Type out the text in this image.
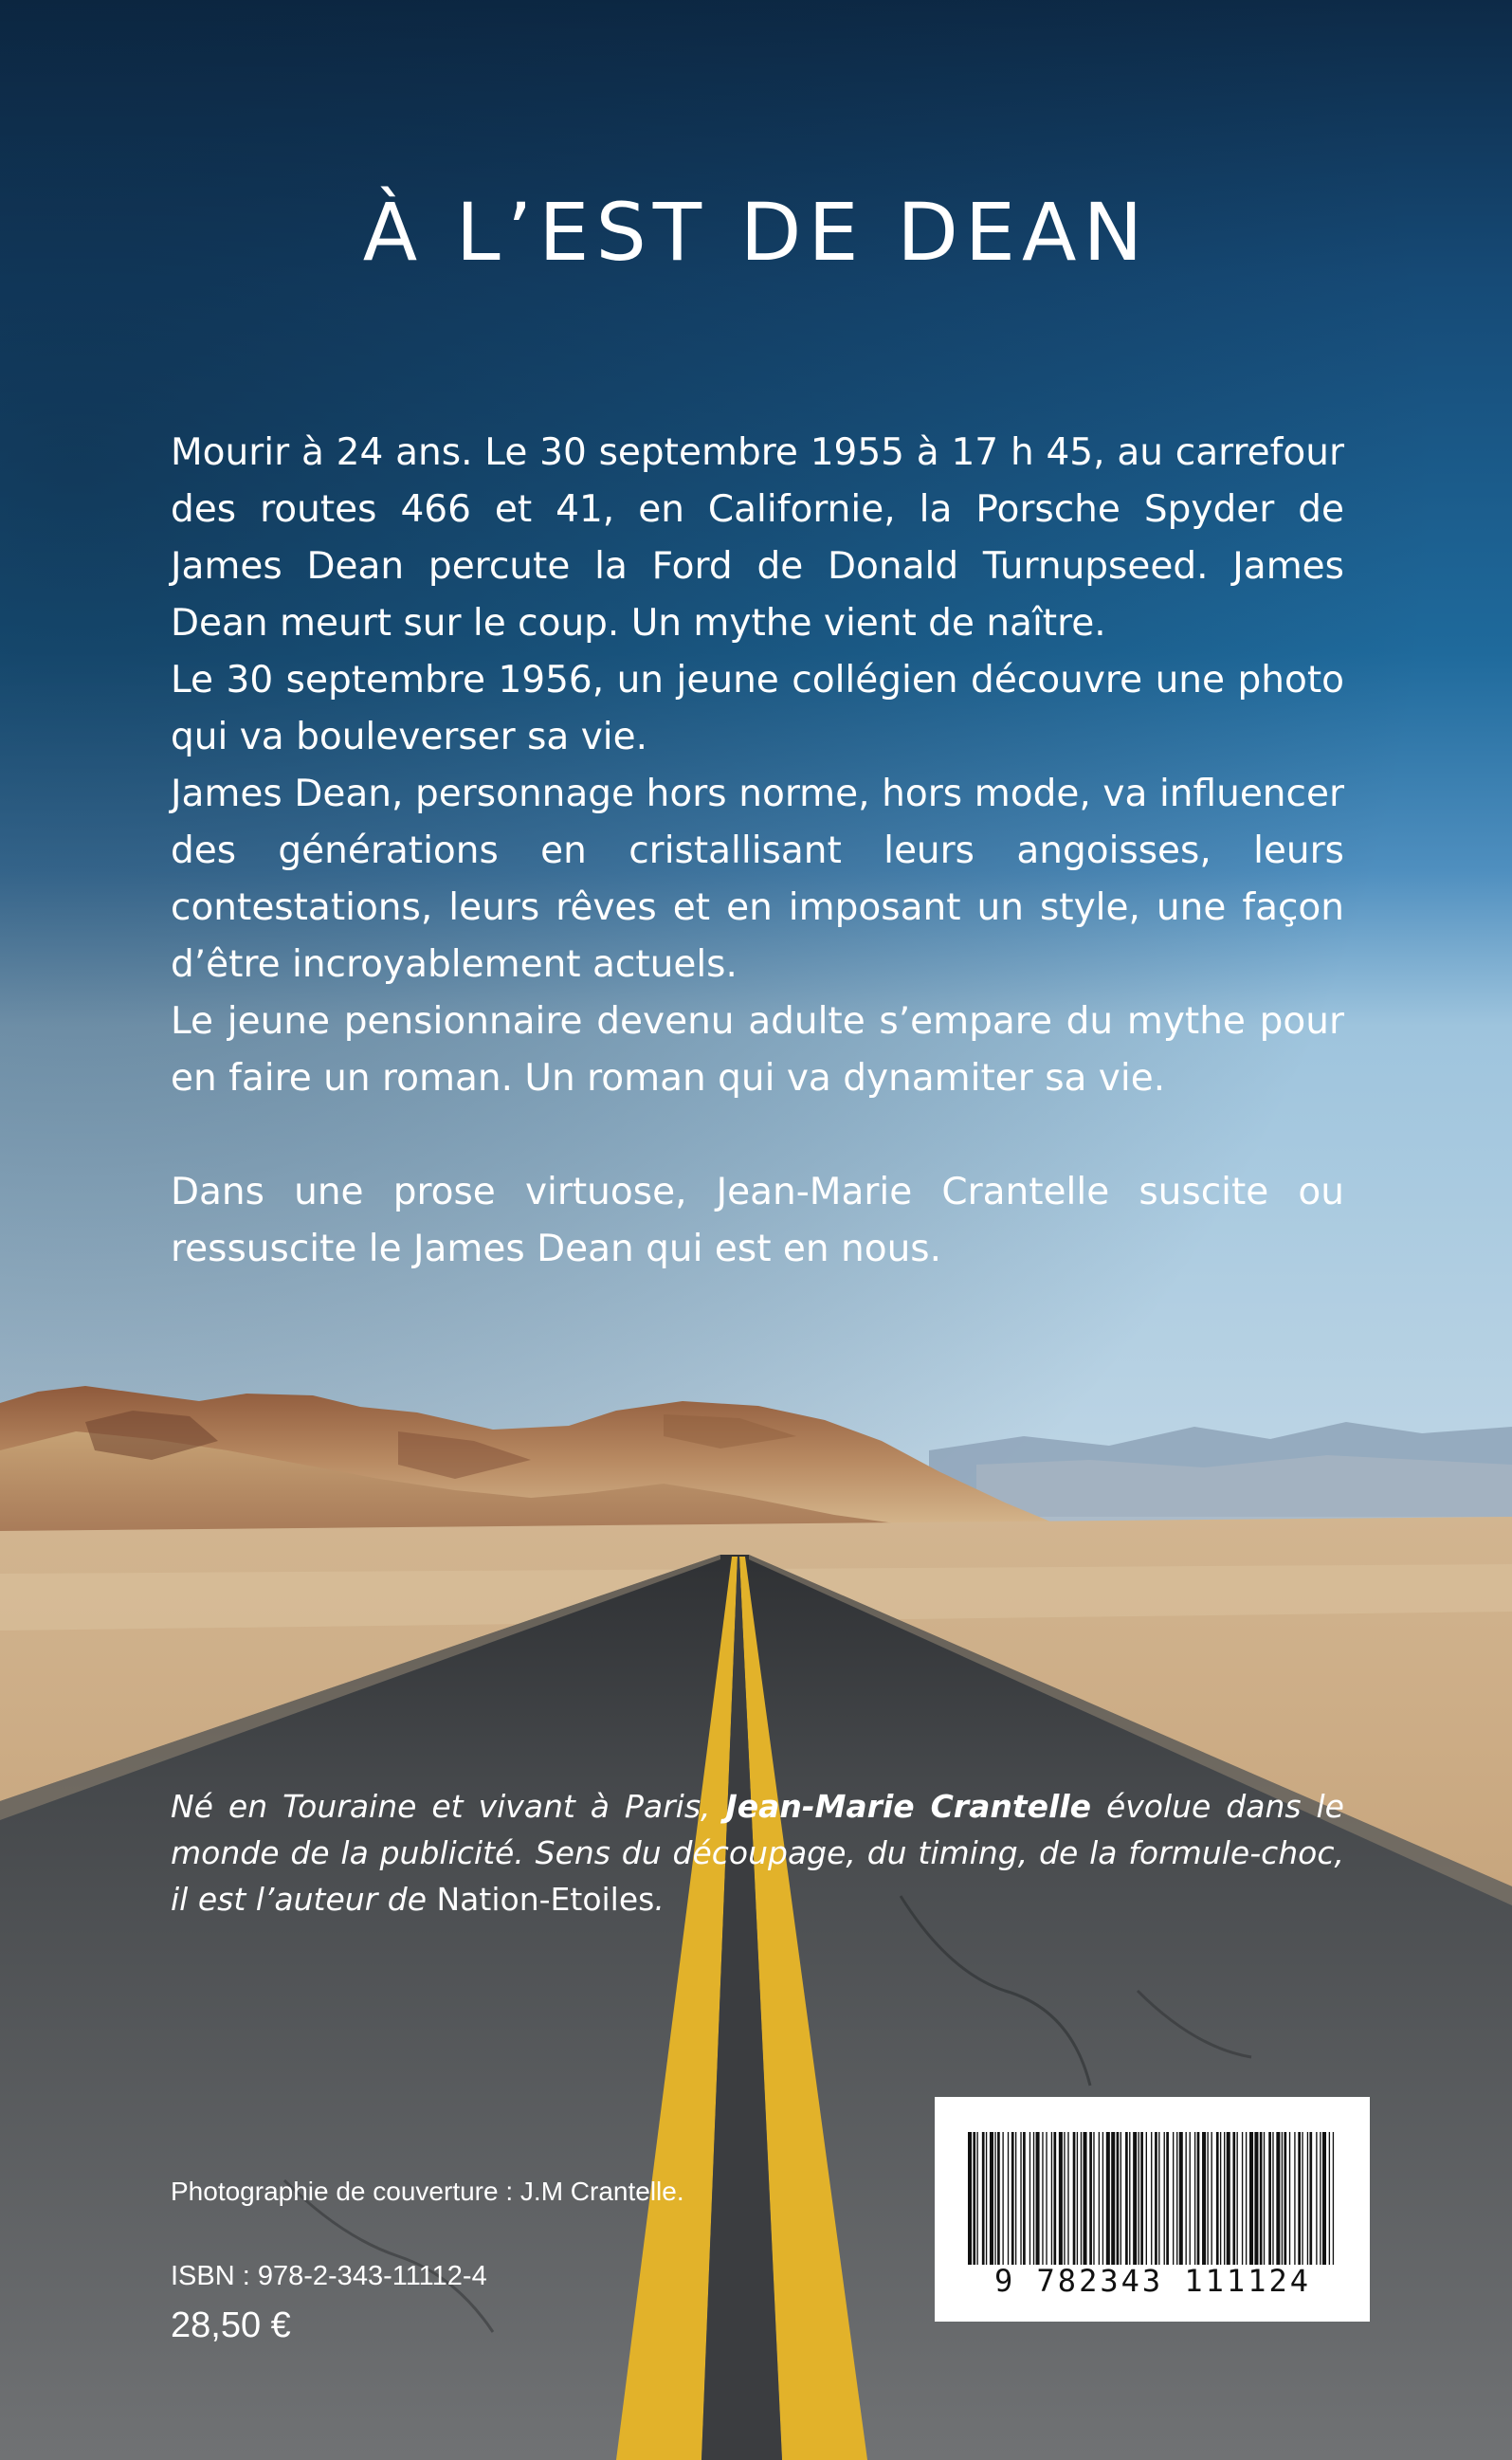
À L’EST DE DEAN

Mourir à 24 ans. Le 30 septembre 1955 à 17 h 45, au carrefour des routes 466 et 41, en Californie, la Porsche Spyder de James Dean percute la Ford de Donald Turnupseed. James Dean meurt sur le coup. Un mythe vient de naître.

Le 30 septembre 1956, un jeune collégien découvre une photo qui va bouleverser sa vie.

James Dean, personnage hors norme, hors mode, va influencer des générations en cristallisant leurs angoisses, leurs contestations, leurs rêves et en imposant un style, une façon d’être incroyablement actuels.

Le jeune pensionnaire devenu adulte s’empare du mythe pour en faire un roman. Un roman qui va dynamiter sa vie.

Dans une prose virtuose, Jean-Marie Crantelle suscite ou ressuscite le James Dean qui est en nous.

Né en Touraine et vivant à Paris, Jean-Marie Crantelle évolue dans le monde de la publicité. Sens du découpage, du timing, de la formule-choc, il est l’auteur de Nation-Etoiles.

Photographie de couverture : J.M Crantelle.
ISBN : 978-2-343-11112-4
28,50 €
9 782343 111124
